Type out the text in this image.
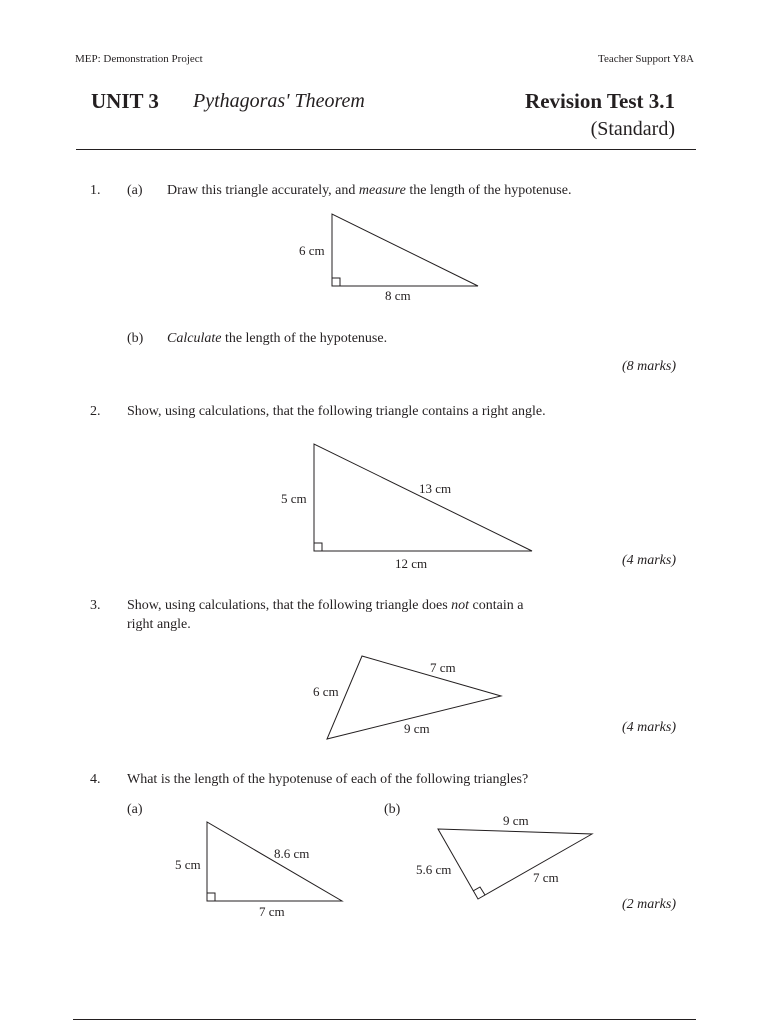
MEP: Demonstration Project	Teacher Support Y8A
UNIT 3 Pythagoras' Theorem	Revision Test 3.1
(Standard)
1. (a) Draw this triangle accurately, and measure the length of the hypotenuse.
6 cm
8 cm
(b) Calculate the length of the hypotenuse.
(8 marks)
2. Show, using calculations, that the following triangle contains a right angle.
5 cm
13 cm
12 cm	(4 marks)
3. Show, using calculations, that the following triangle does not contain a
right angle.
7 cm
6 cm
9 cm	(4 marks)
4. What is the length of the hypotenuse of each of the following triangles?
(a)	(b)
5 cm
8.6 cm
7 cm
9 cm
5.6 cm
7 cm
(2 marks)
